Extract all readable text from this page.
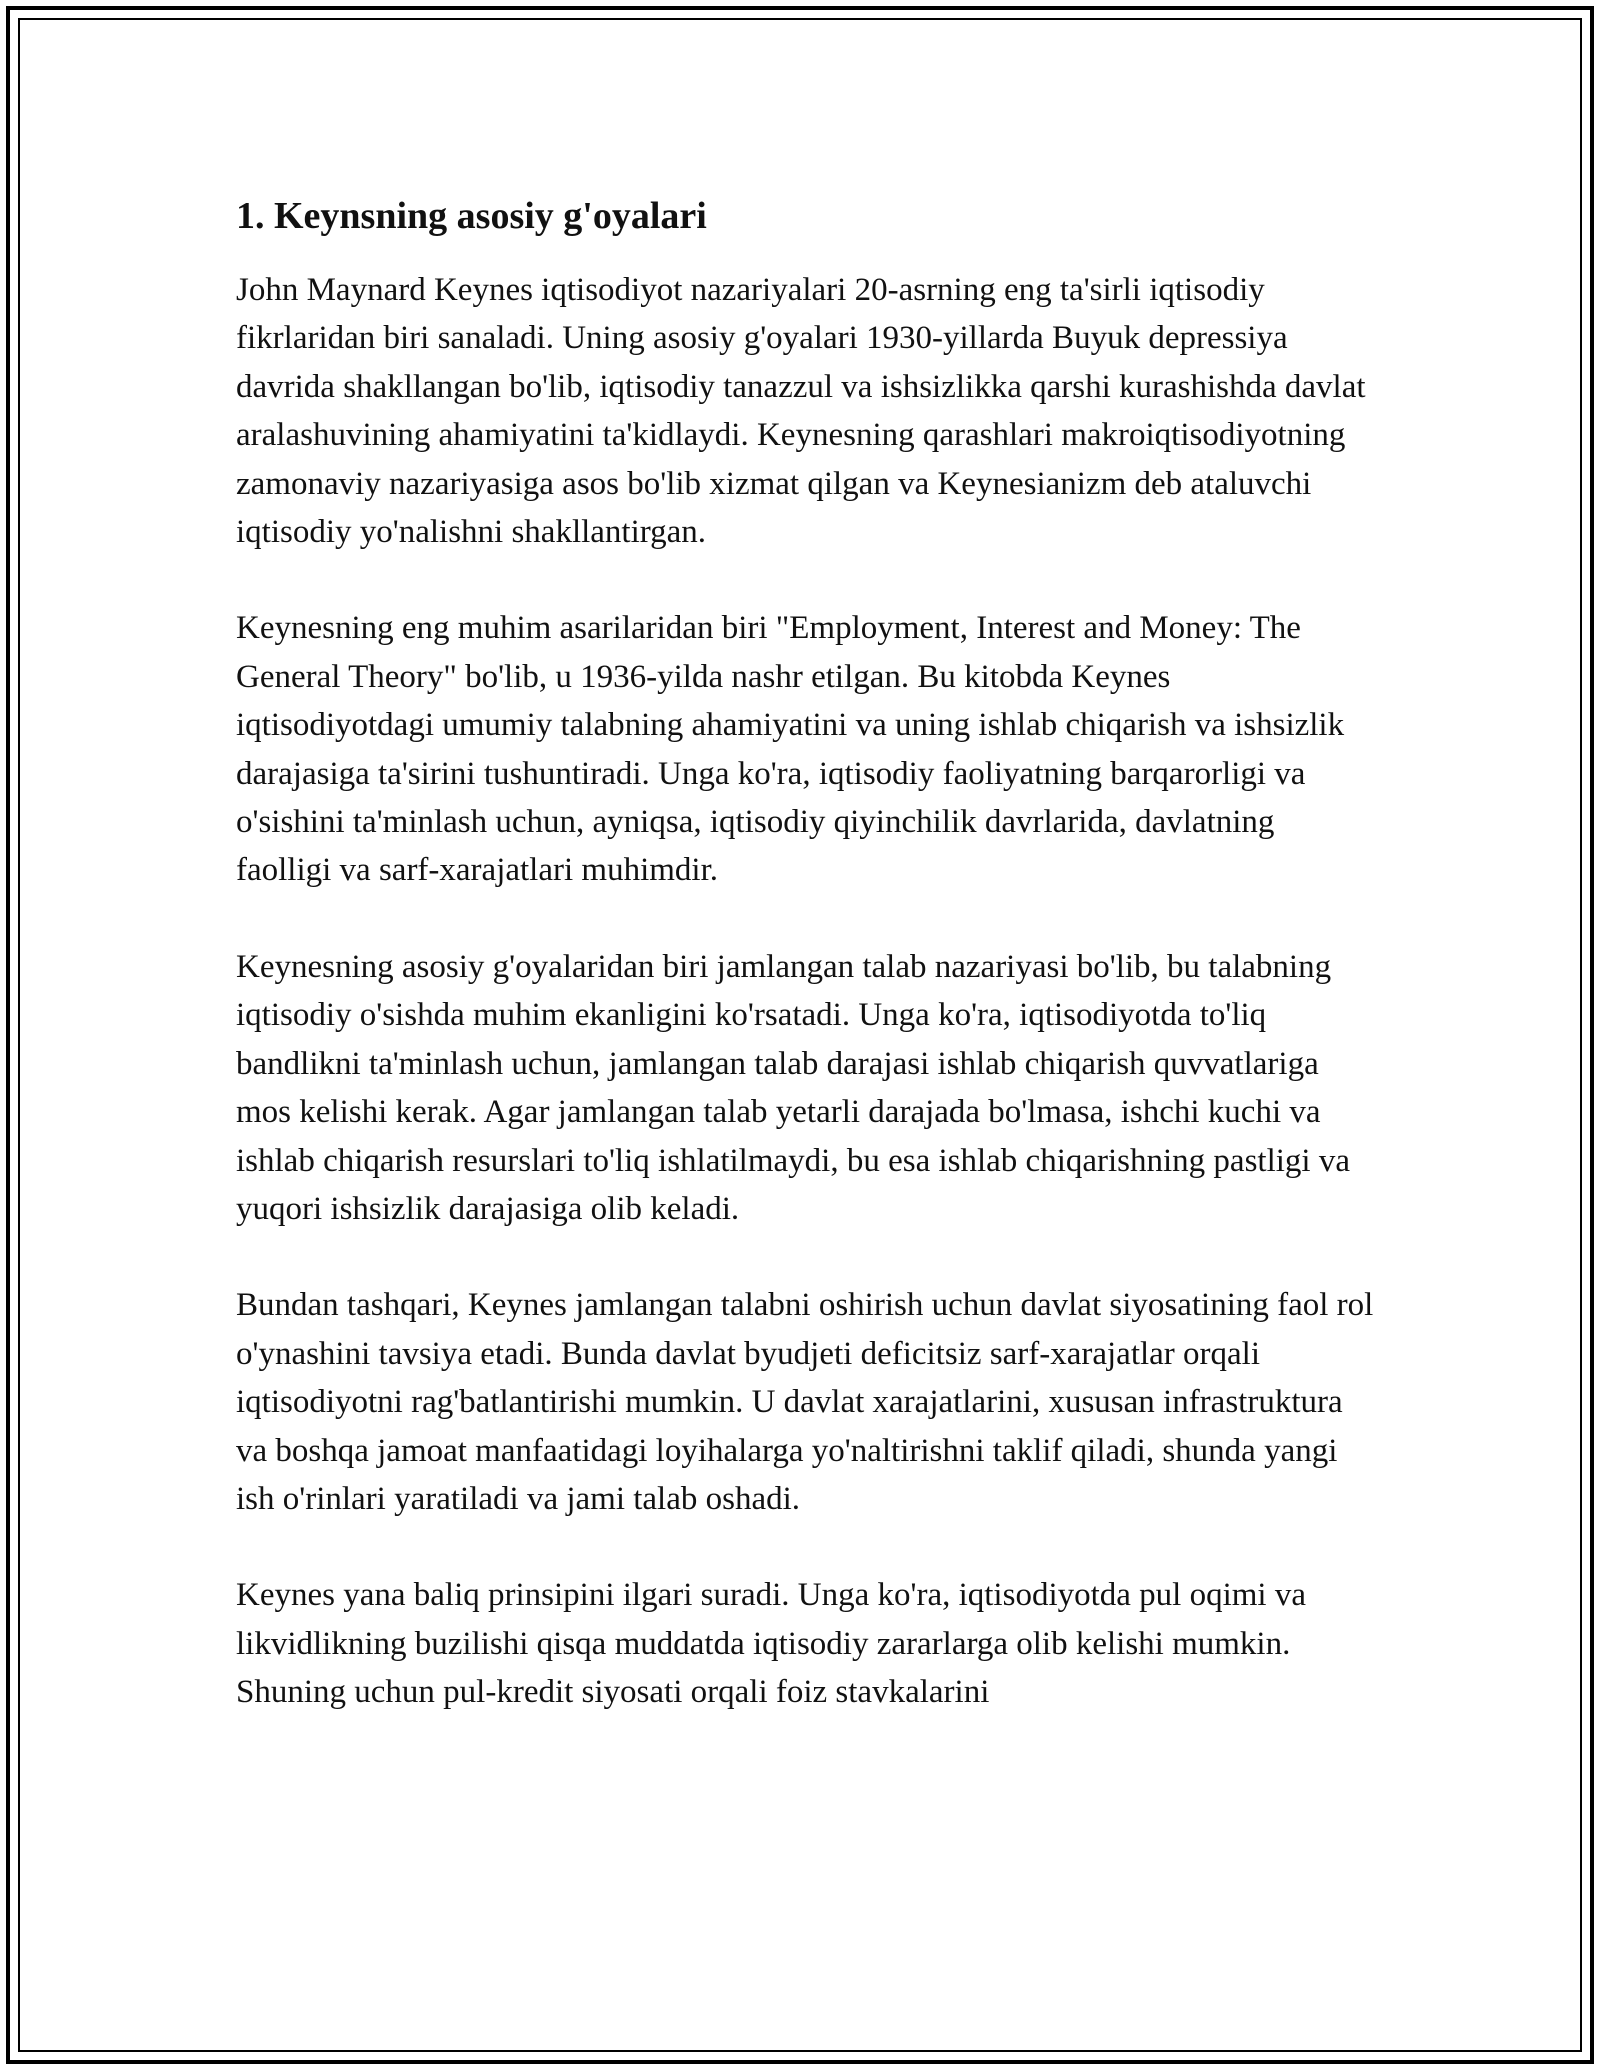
1. Keynsning asosiy g'oyalari

John Maynard Keynes iqtisodiyot nazariyalari 20-asrning eng ta'sirli iqtisodiy fikrlaridan biri sanaladi. Uning asosiy g'oyalari 1930-yillarda Buyuk depressiya davrida shakllangan bo'lib, iqtisodiy tanazzul va ishsizlikka qarshi kurashishda davlat aralashuvining ahamiyatini ta'kidlaydi. Keynesning qarashlari makroiqtisodiyotning zamonaviy nazariyasiga asos bo'lib xizmat qilgan va Keynesianizm deb ataluvchi iqtisodiy yo'nalishni shakllantirgan.

Keynesning eng muhim asarilaridan biri "Employment, Interest and Money: The General Theory" bo'lib, u 1936-yilda nashr etilgan. Bu kitobda Keynes iqtisodiyotdagi umumiy talabning ahamiyatini va uning ishlab chiqarish va ishsizlik darajasiga ta'sirini tushuntiradi. Unga ko'ra, iqtisodiy faoliyatning barqarorligi va o'sishini ta'minlash uchun, ayniqsa, iqtisodiy qiyinchilik davrlarida, davlatning faolligi va sarf-xarajatlari muhimdir.

Keynesning asosiy g'oyalaridan biri jamlangan talab nazariyasi bo'lib, bu talabning iqtisodiy o'sishda muhim ekanligini ko'rsatadi. Unga ko'ra, iqtisodiyotda to'liq bandlikni ta'minlash uchun, jamlangan talab darajasi ishlab chiqarish quvvatlariga mos kelishi kerak. Agar jamlangan talab yetarli darajada bo'lmasa, ishchi kuchi va ishlab chiqarish resurslari to'liq ishlatilmaydi, bu esa ishlab chiqarishning pastligi va yuqori ishsizlik darajasiga olib keladi.

Bundan tashqari, Keynes jamlangan talabni oshirish uchun davlat siyosatining faol rol o'ynashini tavsiya etadi. Bunda davlat byudjeti deficitsiz sarf-xarajatlar orqali iqtisodiyotni rag'batlantirishi mumkin. U davlat xarajatlarini, xususan infrastruktura va boshqa jamoat manfaatidagi loyihalarga yo'naltirishni taklif qiladi, shunda yangi ish o'rinlari yaratiladi va jami talab oshadi.

Keynes yana baliq prinsipini ilgari suradi. Unga ko'ra, iqtisodiyotda pul oqimi va likvidlikning buzilishi qisqa muddatda iqtisodiy zararlarga olib kelishi mumkin. Shuning uchun pul-kredit siyosati orqali foiz stavkalarini
